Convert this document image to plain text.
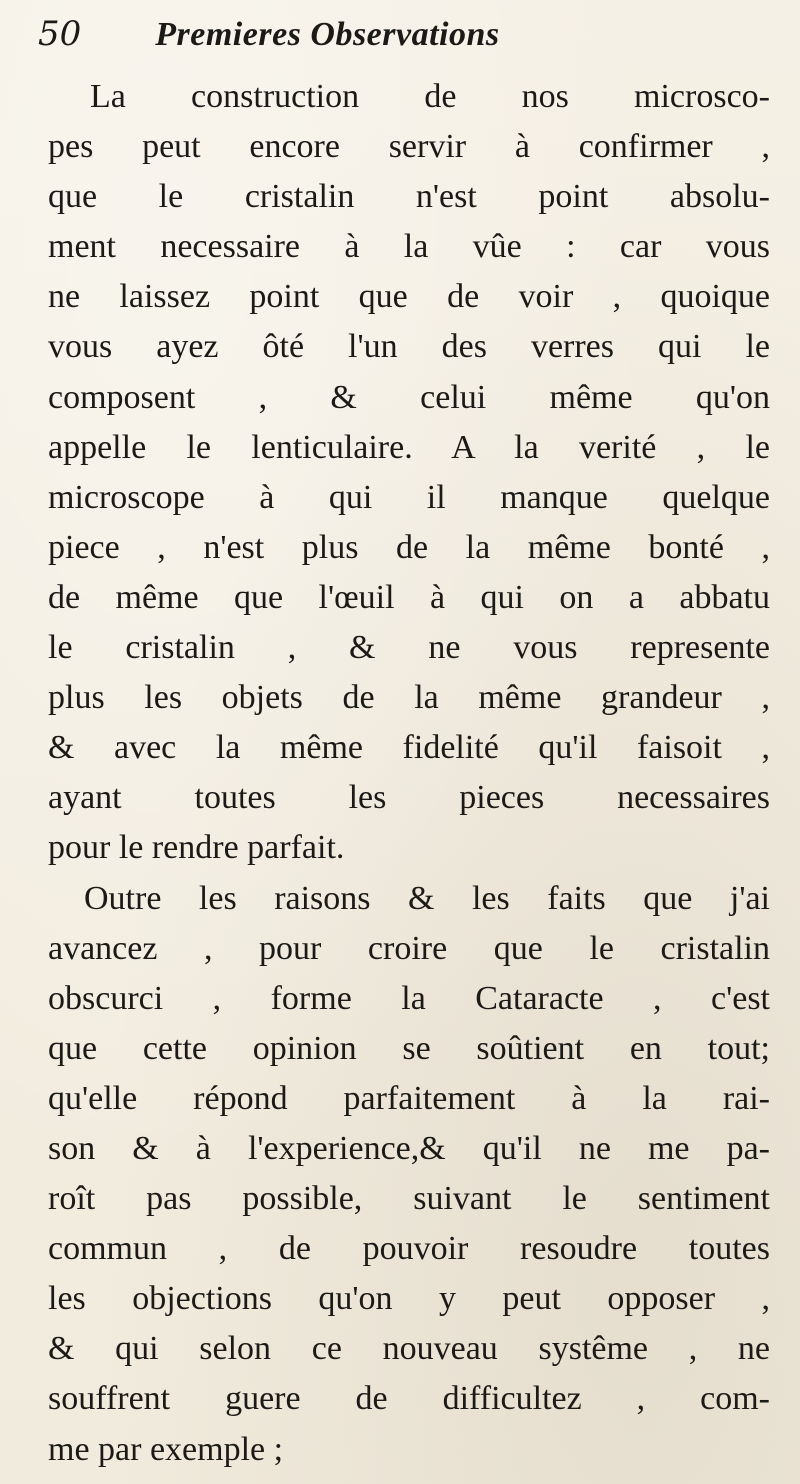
50 Premieres Observations
La construction de nos microsco-
pes peut encore servir à confirmer ,
que le cristalin n'est point absolu-
ment necessaire à la vûe : car vous
ne laissez point que de voir , quoique
vous ayez ôté l'un des verres qui le
composent , & celui même qu'on
appelle le lenticulaire. A la verité , le
microscope à qui il manque quelque
piece , n'est plus de la même bonté ,
de même que l'œuil à qui on a abbatu
le cristalin , & ne vous represente
plus les objets de la même grandeur ,
& avec la même fidelité qu'il faisoit ,
ayant toutes les pieces necessaires
pour le rendre parfait.
Outre les raisons & les faits que j'ai
avancez , pour croire que le cristalin
obscurci , forme la Cataracte , c'est
que cette opinion se soûtient en tout;
qu'elle répond parfaitement à la rai-
son & à l'experience,& qu'il ne me pa-
roît pas possible, suivant le sentiment
commun , de pouvoir resoudre toutes
les objections qu'on y peut opposer ,
& qui selon ce nouveau systême , ne
souffrent guere de difficultez , com-
me par exemple ;
